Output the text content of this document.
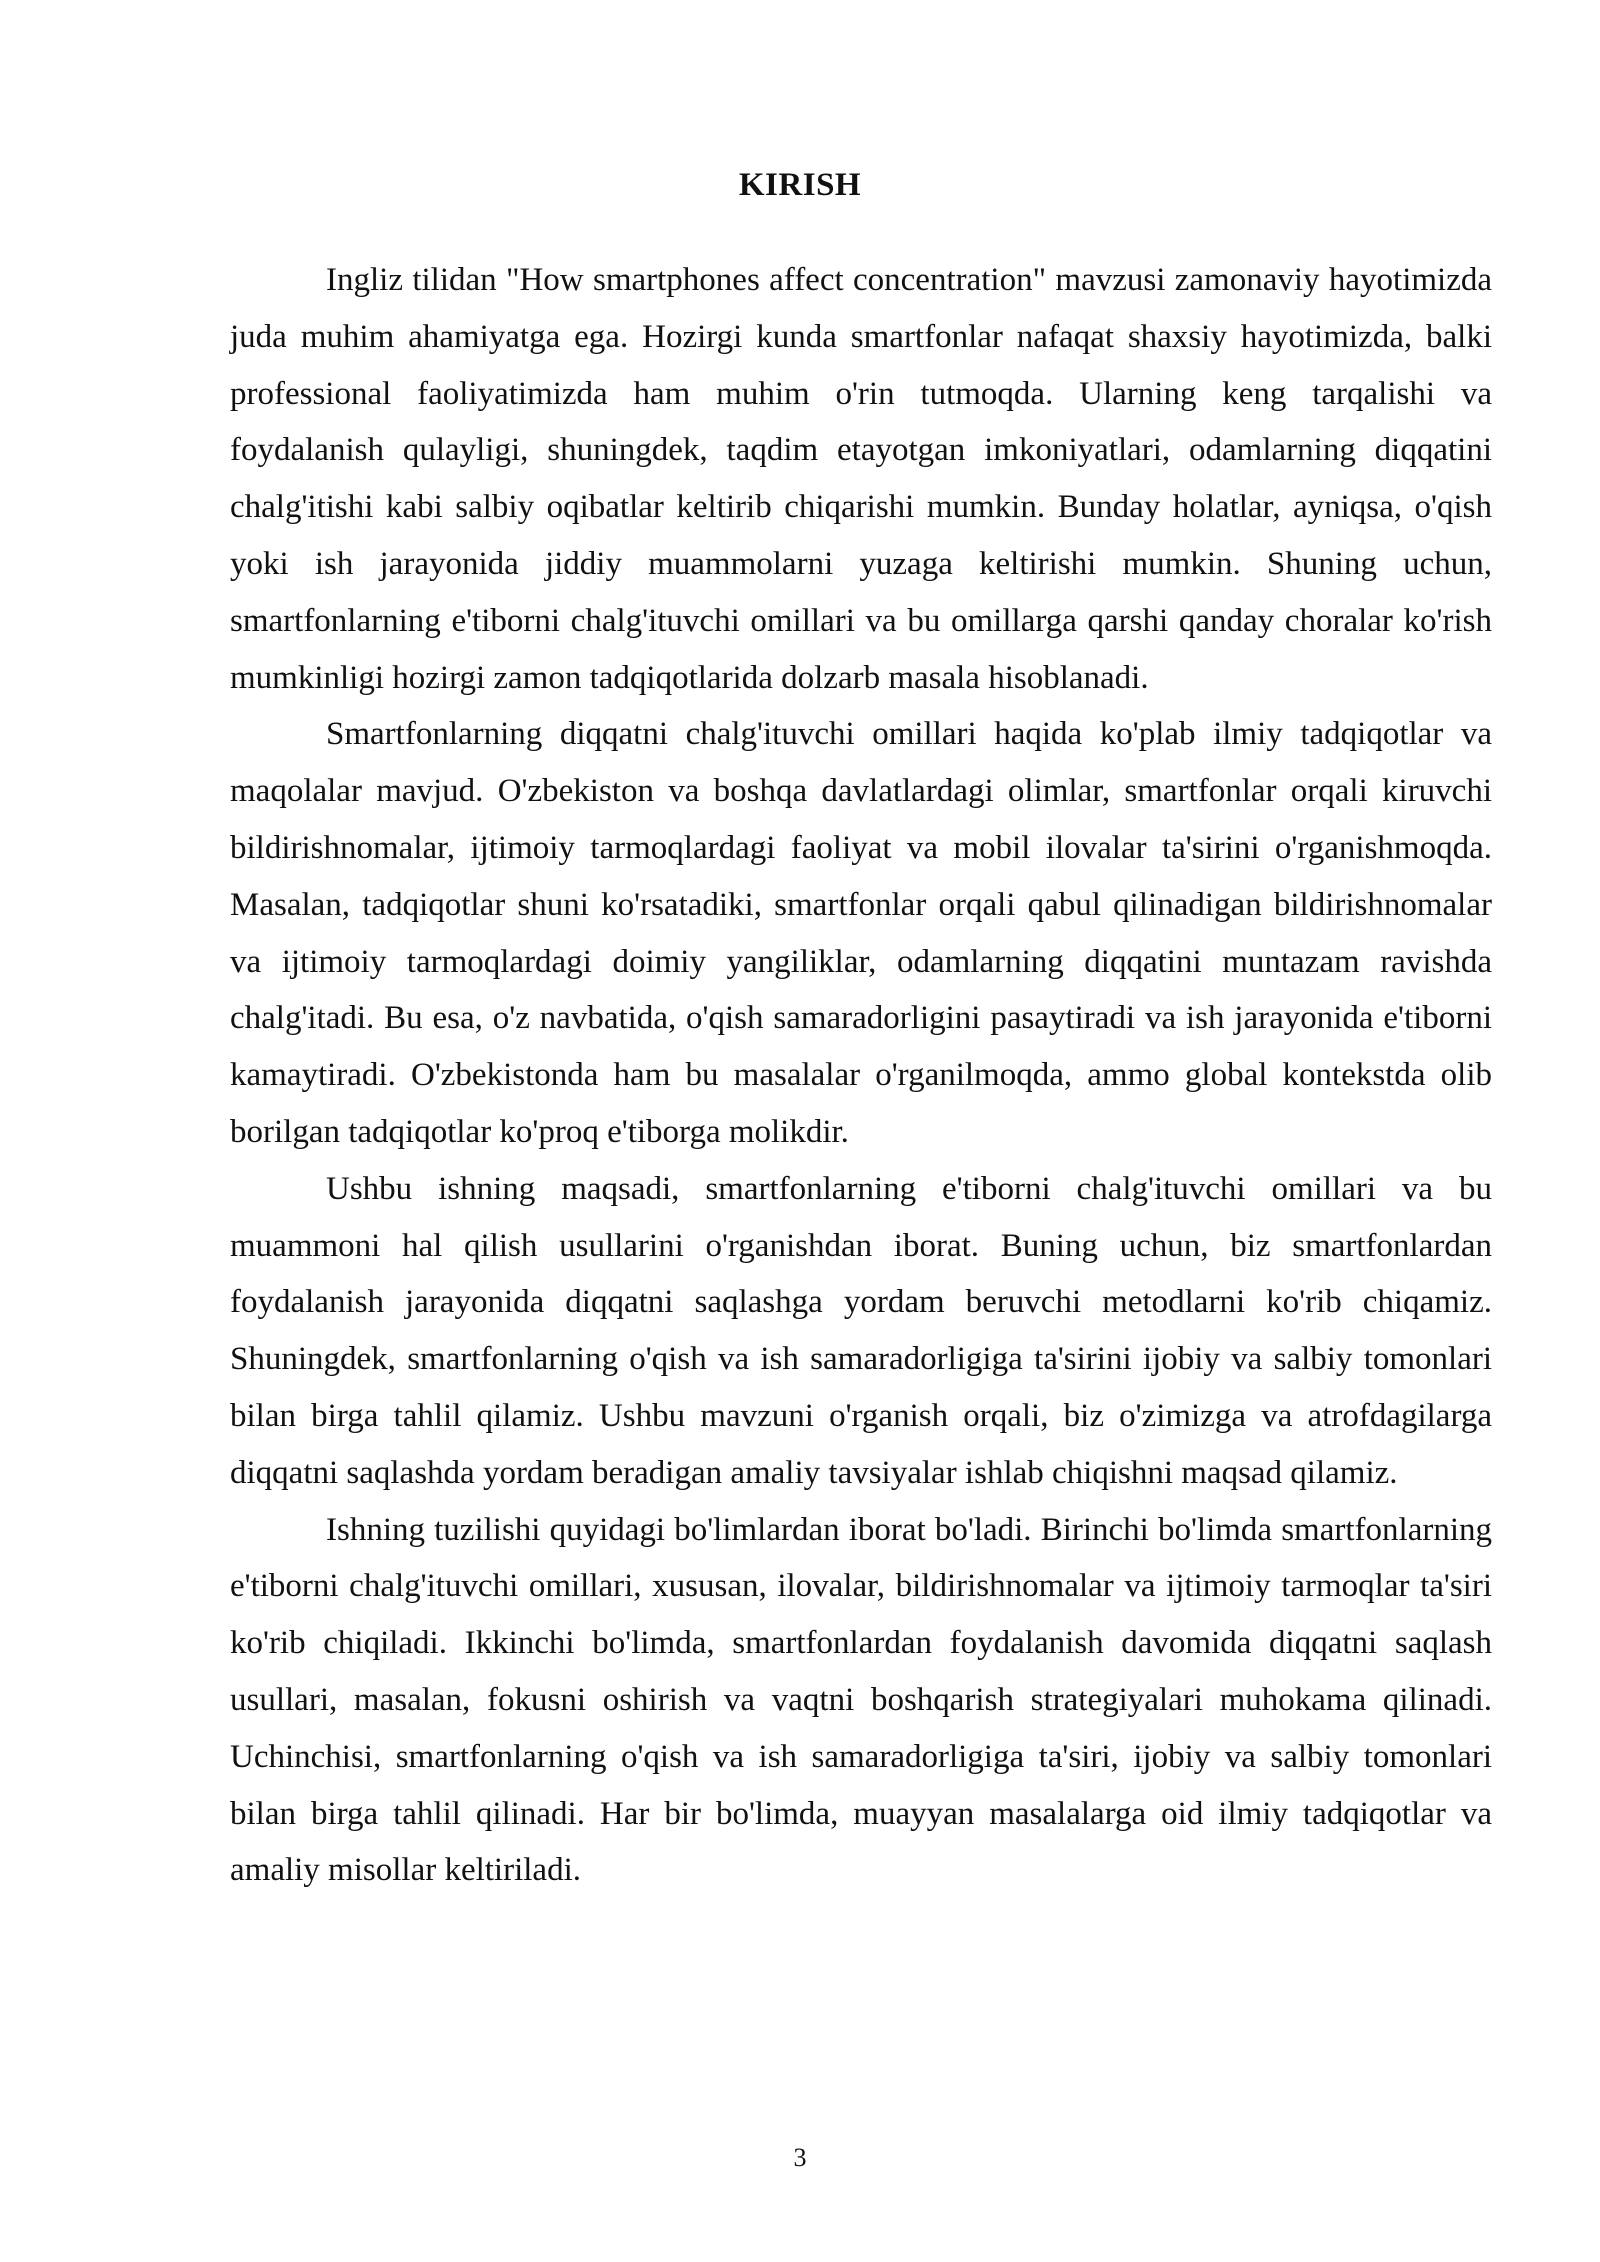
KIRISH

Ingliz tilidan "How smartphones affect concentration" mavzusi zamonaviy hayotimizda juda muhim ahamiyatga ega. Hozirgi kunda smartfonlar nafaqat shaxsiy hayotimizda, balki professional faoliyatimizda ham muhim o'rin tutmoqda. Ularning keng tarqalishi va foydalanish qulayligi, shuningdek, taqdim etayotgan imkoniyatlari, odamlarning diqqatini chalg'itishi kabi salbiy oqibatlar keltirib chiqarishi mumkin. Bunday holatlar, ayniqsa, o'qish yoki ish jarayonida jiddiy muammolarni yuzaga keltirishi mumkin. Shuning uchun, smartfonlarning e'tiborni chalg'ituvchi omillari va bu omillarga qarshi qanday choralar ko'rish mumkinligi hozirgi zamon tadqiqotlarida dolzarb masala hisoblanadi.

Smartfonlarning diqqatni chalg'ituvchi omillari haqida ko'plab ilmiy tadqiqotlar va maqolalar mavjud. O'zbekiston va boshqa davlatlardagi olimlar, smartfonlar orqali kiruvchi bildirishnomalar, ijtimoiy tarmoqlardagi faoliyat va mobil ilovalar ta'sirini o'rganishmoqda. Masalan, tadqiqotlar shuni ko'rsatadiki, smartfonlar orqali qabul qilinadigan bildirishnomalar va ijtimoiy tarmoqlardagi doimiy yangiliklar, odamlarning diqqatini muntazam ravishda chalg'itadi. Bu esa, o'z navbatida, o'qish samaradorligini pasaytiradi va ish jarayonida e'tiborni kamaytiradi. O'zbekistonda ham bu masalalar o'rganilmoqda, ammo global kontekstda olib borilgan tadqiqotlar ko'proq e'tiborga molikdir.

Ushbu ishning maqsadi, smartfonlarning e'tiborni chalg'ituvchi omillari va bu muammoni hal qilish usullarini o'rganishdan iborat. Buning uchun, biz smartfonlardan foydalanish jarayonida diqqatni saqlashga yordam beruvchi metodlarni ko'rib chiqamiz. Shuningdek, smartfonlarning o'qish va ish samaradorligiga ta'sirini ijobiy va salbiy tomonlari bilan birga tahlil qilamiz. Ushbu mavzuni o'rganish orqali, biz o'zimizga va atrofdagilarga diqqatni saqlashda yordam beradigan amaliy tavsiyalar ishlab chiqishni maqsad qilamiz.

Ishning tuzilishi quyidagi bo'limlardan iborat bo'ladi. Birinchi bo'limda smartfonlarning e'tiborni chalg'ituvchi omillari, xususan, ilovalar, bildirishnomalar va ijtimoiy tarmoqlar ta'siri ko'rib chiqiladi. Ikkinchi bo'limda, smartfonlardan foydalanish davomida diqqatni saqlash usullari, masalan, fokusni oshirish va vaqtni boshqarish strategiyalari muhokama qilinadi. Uchinchisi, smartfonlarning o'qish va ish samaradorligiga ta'siri, ijobiy va salbiy tomonlari bilan birga tahlil qilinadi. Har bir bo'limda, muayyan masalalarga oid ilmiy tadqiqotlar va amaliy misollar keltiriladi.

3
